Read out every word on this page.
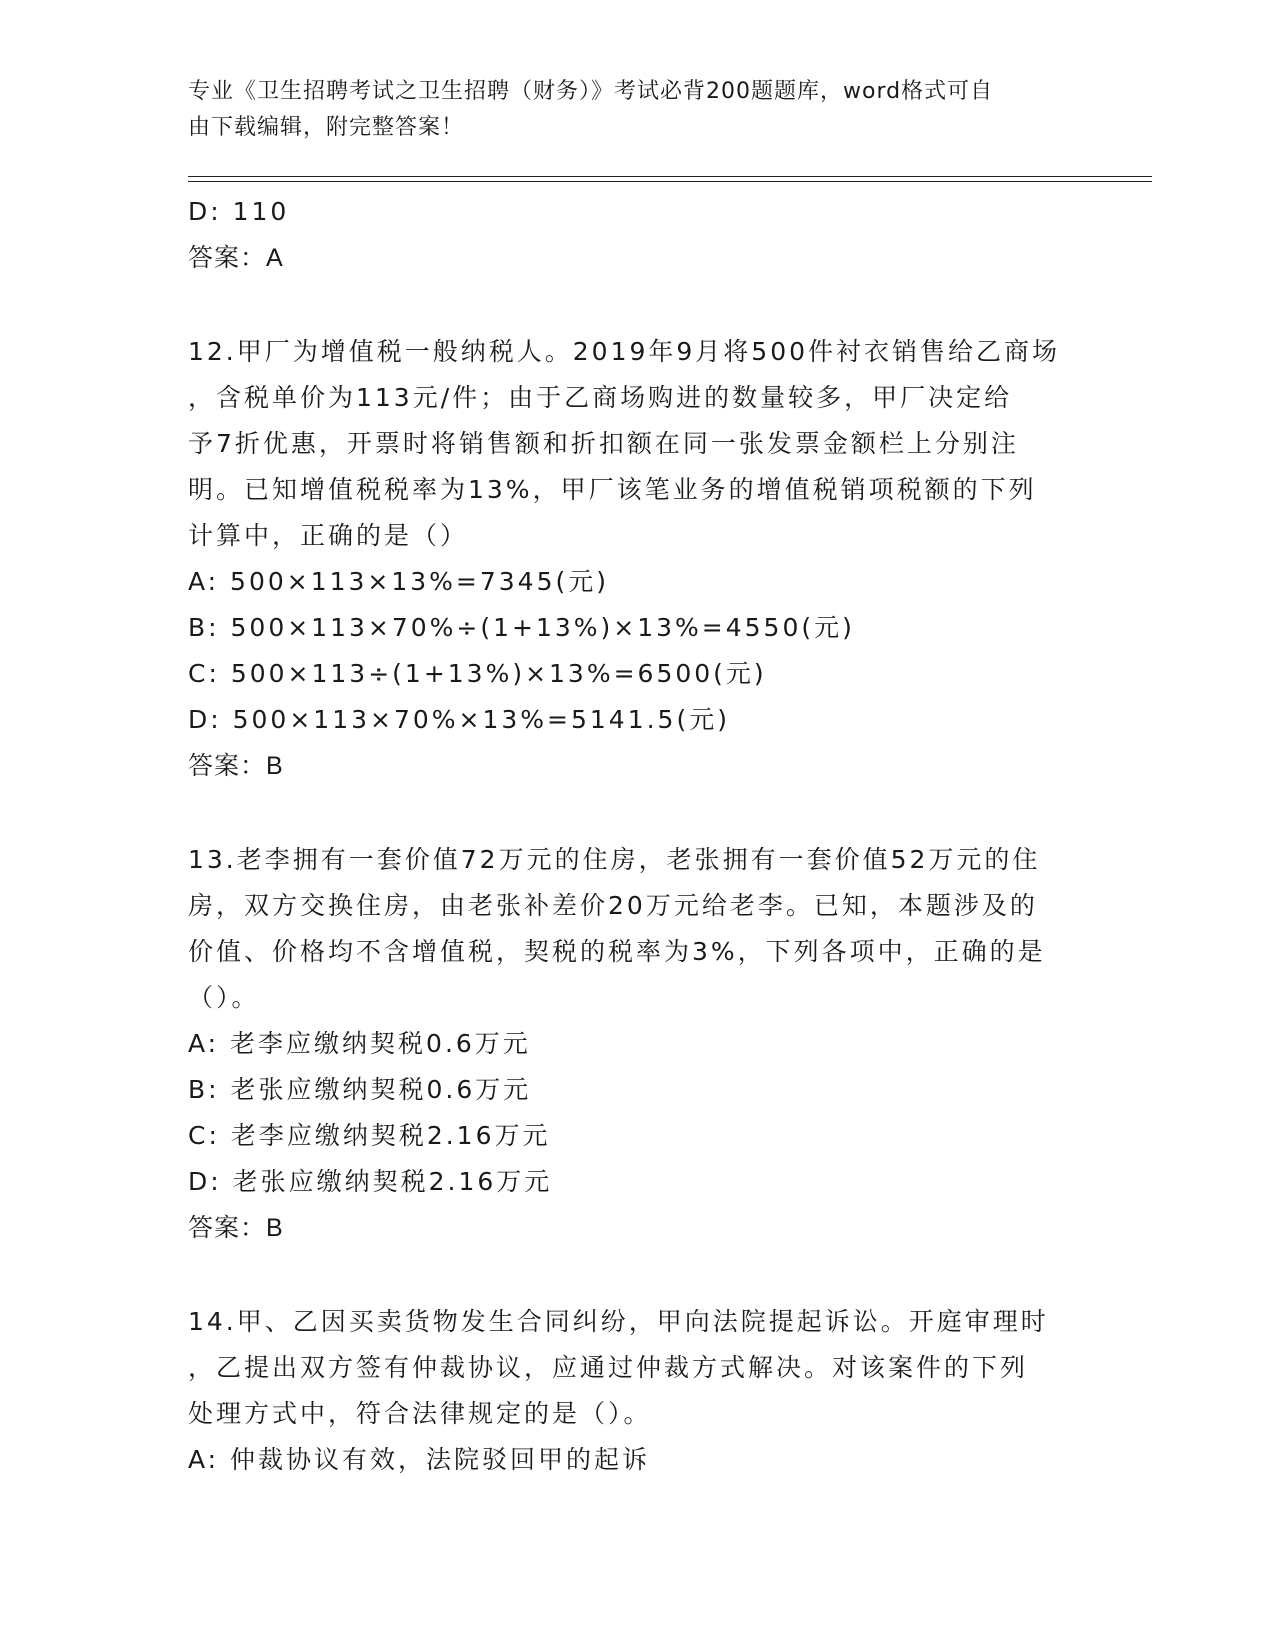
专业《卫生招聘考试之卫生招聘（财务）》考试必背200题题库，word格式可自
由下载编辑，附完整答案！

D: 110

答案：A

12.甲厂为增值税一般纳税人。2019年9月将500件衬衣销售给乙商场

，含税单价为113元/件；由于乙商场购进的数量较多，甲厂决定给

予7折优惠，开票时将销售额和折扣额在同一张发票金额栏上分别注

明。已知增值税税率为13%，甲厂该笔业务的增值税销项税额的下列

计算中，正确的是（）

A: 500×113×13%=7345(元)

B: 500×113×70%÷(1+13%)×13%=4550(元)

C: 500×113÷(1+13%)×13%=6500(元)

D: 500×113×70%×13%=5141.5(元)

答案：B

13.老李拥有一套价值72万元的住房，老张拥有一套价值52万元的住

房，双方交换住房，由老张补差价20万元给老李。已知，本题涉及的

价值、价格均不含增值税，契税的税率为3%，下列各项中，正确的是

（）。

A: 老李应缴纳契税0.6万元

B: 老张应缴纳契税0.6万元

C: 老李应缴纳契税2.16万元

D: 老张应缴纳契税2.16万元

答案：B

14.甲、乙因买卖货物发生合同纠纷，甲向法院提起诉讼。开庭审理时

，乙提出双方签有仲裁协议，应通过仲裁方式解决。对该案件的下列

处理方式中，符合法律规定的是（）。

A: 仲裁协议有效，法院驳回甲的起诉
